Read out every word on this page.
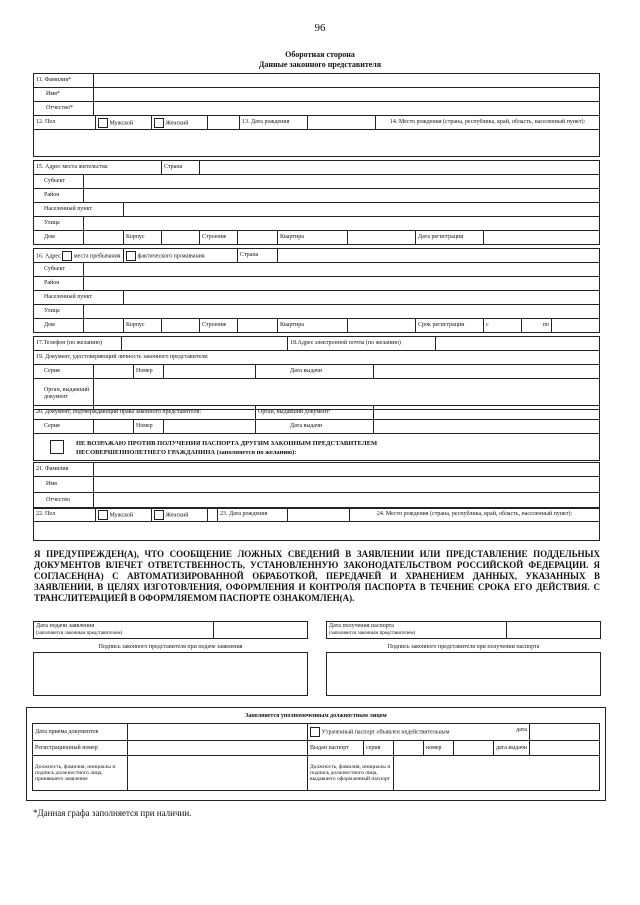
96
Оборотная сторона
Данные законного представителя
11. Фамилия*	
Имя*	
Отчество*	
12. Пол	Мужской	Женский		13. Дата рождения		14. Место рождения (страна, республика, край, область, населенный пункт):
15. Адрес места жительства			Страна						
Субъект									
Район									
Населенный пункт									
Улица									
Дом		Корпус		Строение		Квартира		Дата регистрации	
16. Адрес места пребывания		фактического проживания			Страна						
Субъект											
Район											
Населенный пункт											
Улица											
Дом		Корпус		Строение		Квартира		Срок регистрации	с	по	
17.Телефон (по желанию)		18.Адрес электронной почты (по желанию)	
19. Документ, удостоверяющий личность законного представителя:					
Серия		Номер		Дата выдачи	
Орган, выдавший документ					
20. Документ, подтверждающий права законного представителя:				Орган, выдавший документ:	
Серия		Номер		Дата выдачи	
НЕ ВОЗРАЖАЮ ПРОТИВ ПОЛУЧЕНИЯ ПАСПОРТА ДРУГИМ ЗАКОННЫМ ПРЕДСТАВИТЕЛЕМ
НЕСОВЕРШЕННОЛЕТНЕГО ГРАЖДАНИНА (заполняется по желанию):
21. Фамилия	
Имя	
Отчество	
22. Пол	Мужской	Женский		23. Дата рождения		24. Место рождения (страна, республика, край, область, населенный пункт):
Я ПРЕДУПРЕЖДЕН(А), ЧТО СООБЩЕНИЕ ЛОЖНЫХ СВЕДЕНИЙ В ЗАЯВЛЕНИИ ИЛИ ПРЕДСТАВЛЕНИЕ ПОДДЕЛЬНЫХ ДОКУМЕНТОВ ВЛЕЧЕТ ОТВЕТСТВЕННОСТЬ, УСТАНОВЛЕННУЮ ЗАКОНОДАТЕЛЬСТВОМ РОССИЙСКОЙ ФЕДЕРАЦИИ. Я СОГЛАСЕН(НА) С АВТОМАТИЗИРОВАННОЙ ОБРАБОТКОЙ, ПЕРЕДАЧЕЙ И ХРАНЕНИЕМ ДАННЫХ, УКАЗАННЫХ В ЗАЯВЛЕНИИ, В ЦЕЛЯХ ИЗГОТОВЛЕНИЯ, ОФОРМЛЕНИЯ И КОНТРОЛЯ ПАСПОРТА В ТЕЧЕНИЕ СРОКА ЕГО ДЕЙСТВИЯ. С ТРАНСЛИТЕРАЦИЕЙ В ОФОРМЛЯЕМОМ ПАСПОРТЕ ОЗНАКОМЛЕН(А).
Дата подачи заявления
(заполняется законным представителем)

Дата получения паспорта
(заполняется законным представителем)

Подпись законного представителя при подаче заявления	Подпись законного представителя при получении паспорта
Заполняется уполномоченным должностным лицом
Дата приема документов		Утраченный паспорт объявлен недействительным дата						

Регистрационный номер		Выдан паспорт	серия		номер		дата выдачи	
Должность, фамилия, инициалы и подпись должностного лица, принявшего заявление		Должность, фамилия, инициалы и подпись должностного лица, выдавшего оформленный паспорт						
*Данная графа заполняется при наличии.
